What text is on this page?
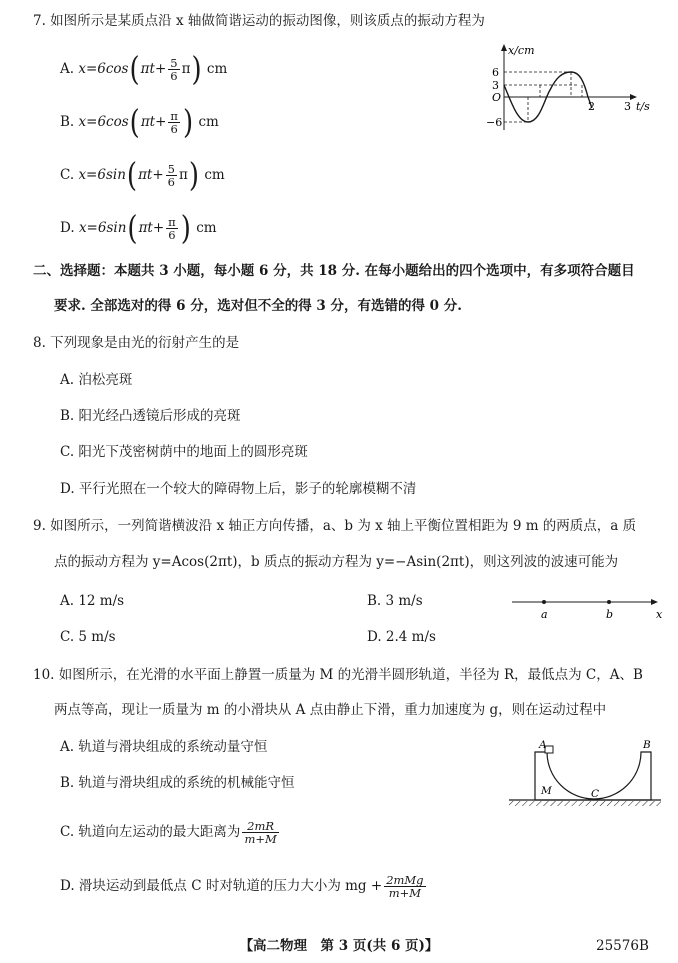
7. 如图所示是某质点沿 x 轴做简谐运动的振动图像，则该质点的振动方程为
A. $x=6\cos(\pi t+ \frac{5}{6} \pi)$ cm
B. $x=6\cos(\pi t+ \frac{\pi}{6}$ ) cm
C. $x=6\sin(\pi t+ \frac{5}{6} \pi)$ cm
D. $x=6\sin(\pi t+ \frac{\pi}{6}$ ) cm
x/cm
6
3
O
−6
2	3 t/s
二、选择题：本题共 3 小题，每小题 6 分，共 18 分. 在每小题给出的四个选项中，有多项符合题目
要求. 全部选对的得 6 分，选对但不全的得 3 分，有选错的得 0 分.
8. 下列现象是由光的衍射产生的是
A. 泊松亮斑
B. 阳光经凸透镜后形成的亮斑
C. 阳光下茂密树荫中的地面上的圆形亮斑
D. 平行光照在一个较大的障碍物上后，影子的轮廓模糊不清
9. 如图所示，一列简谐横波沿 x 轴正方向传播，a、b 为 x 轴上平衡位置相距为 9 m 的两质点，a 质
点的振动方程为 y=Acos(2πt)，b 质点的振动方程为 y=−Asin(2πt)，则这列波的波速可能为
A. 12 m/s	B. 3 m/s
C. 5 m/s	D. 2.4 m/s
a	b	x
10. 如图所示，在光滑的水平面上静置一质量为 M 的光滑半圆形轨道，半径为 R，最低点为 C，A、B
两点等高，现让一质量为 m 的小滑块从 A 点由静止下滑，重力加速度为 g，则在运动过程中
A. 轨道与滑块组成的系统动量守恒
B. 轨道与滑块组成的系统的机械能守恒
C. 轨道向左运动的最大距离为 $\frac{2mR}{m+M}$
D. 滑块运动到最低点 C 时对轨道的压力大小为 mg + $\frac{\text{2mMg}}{m+M}$
A	B
M	C
【高二物理　第 3 页(共 6 页)】	25576B
